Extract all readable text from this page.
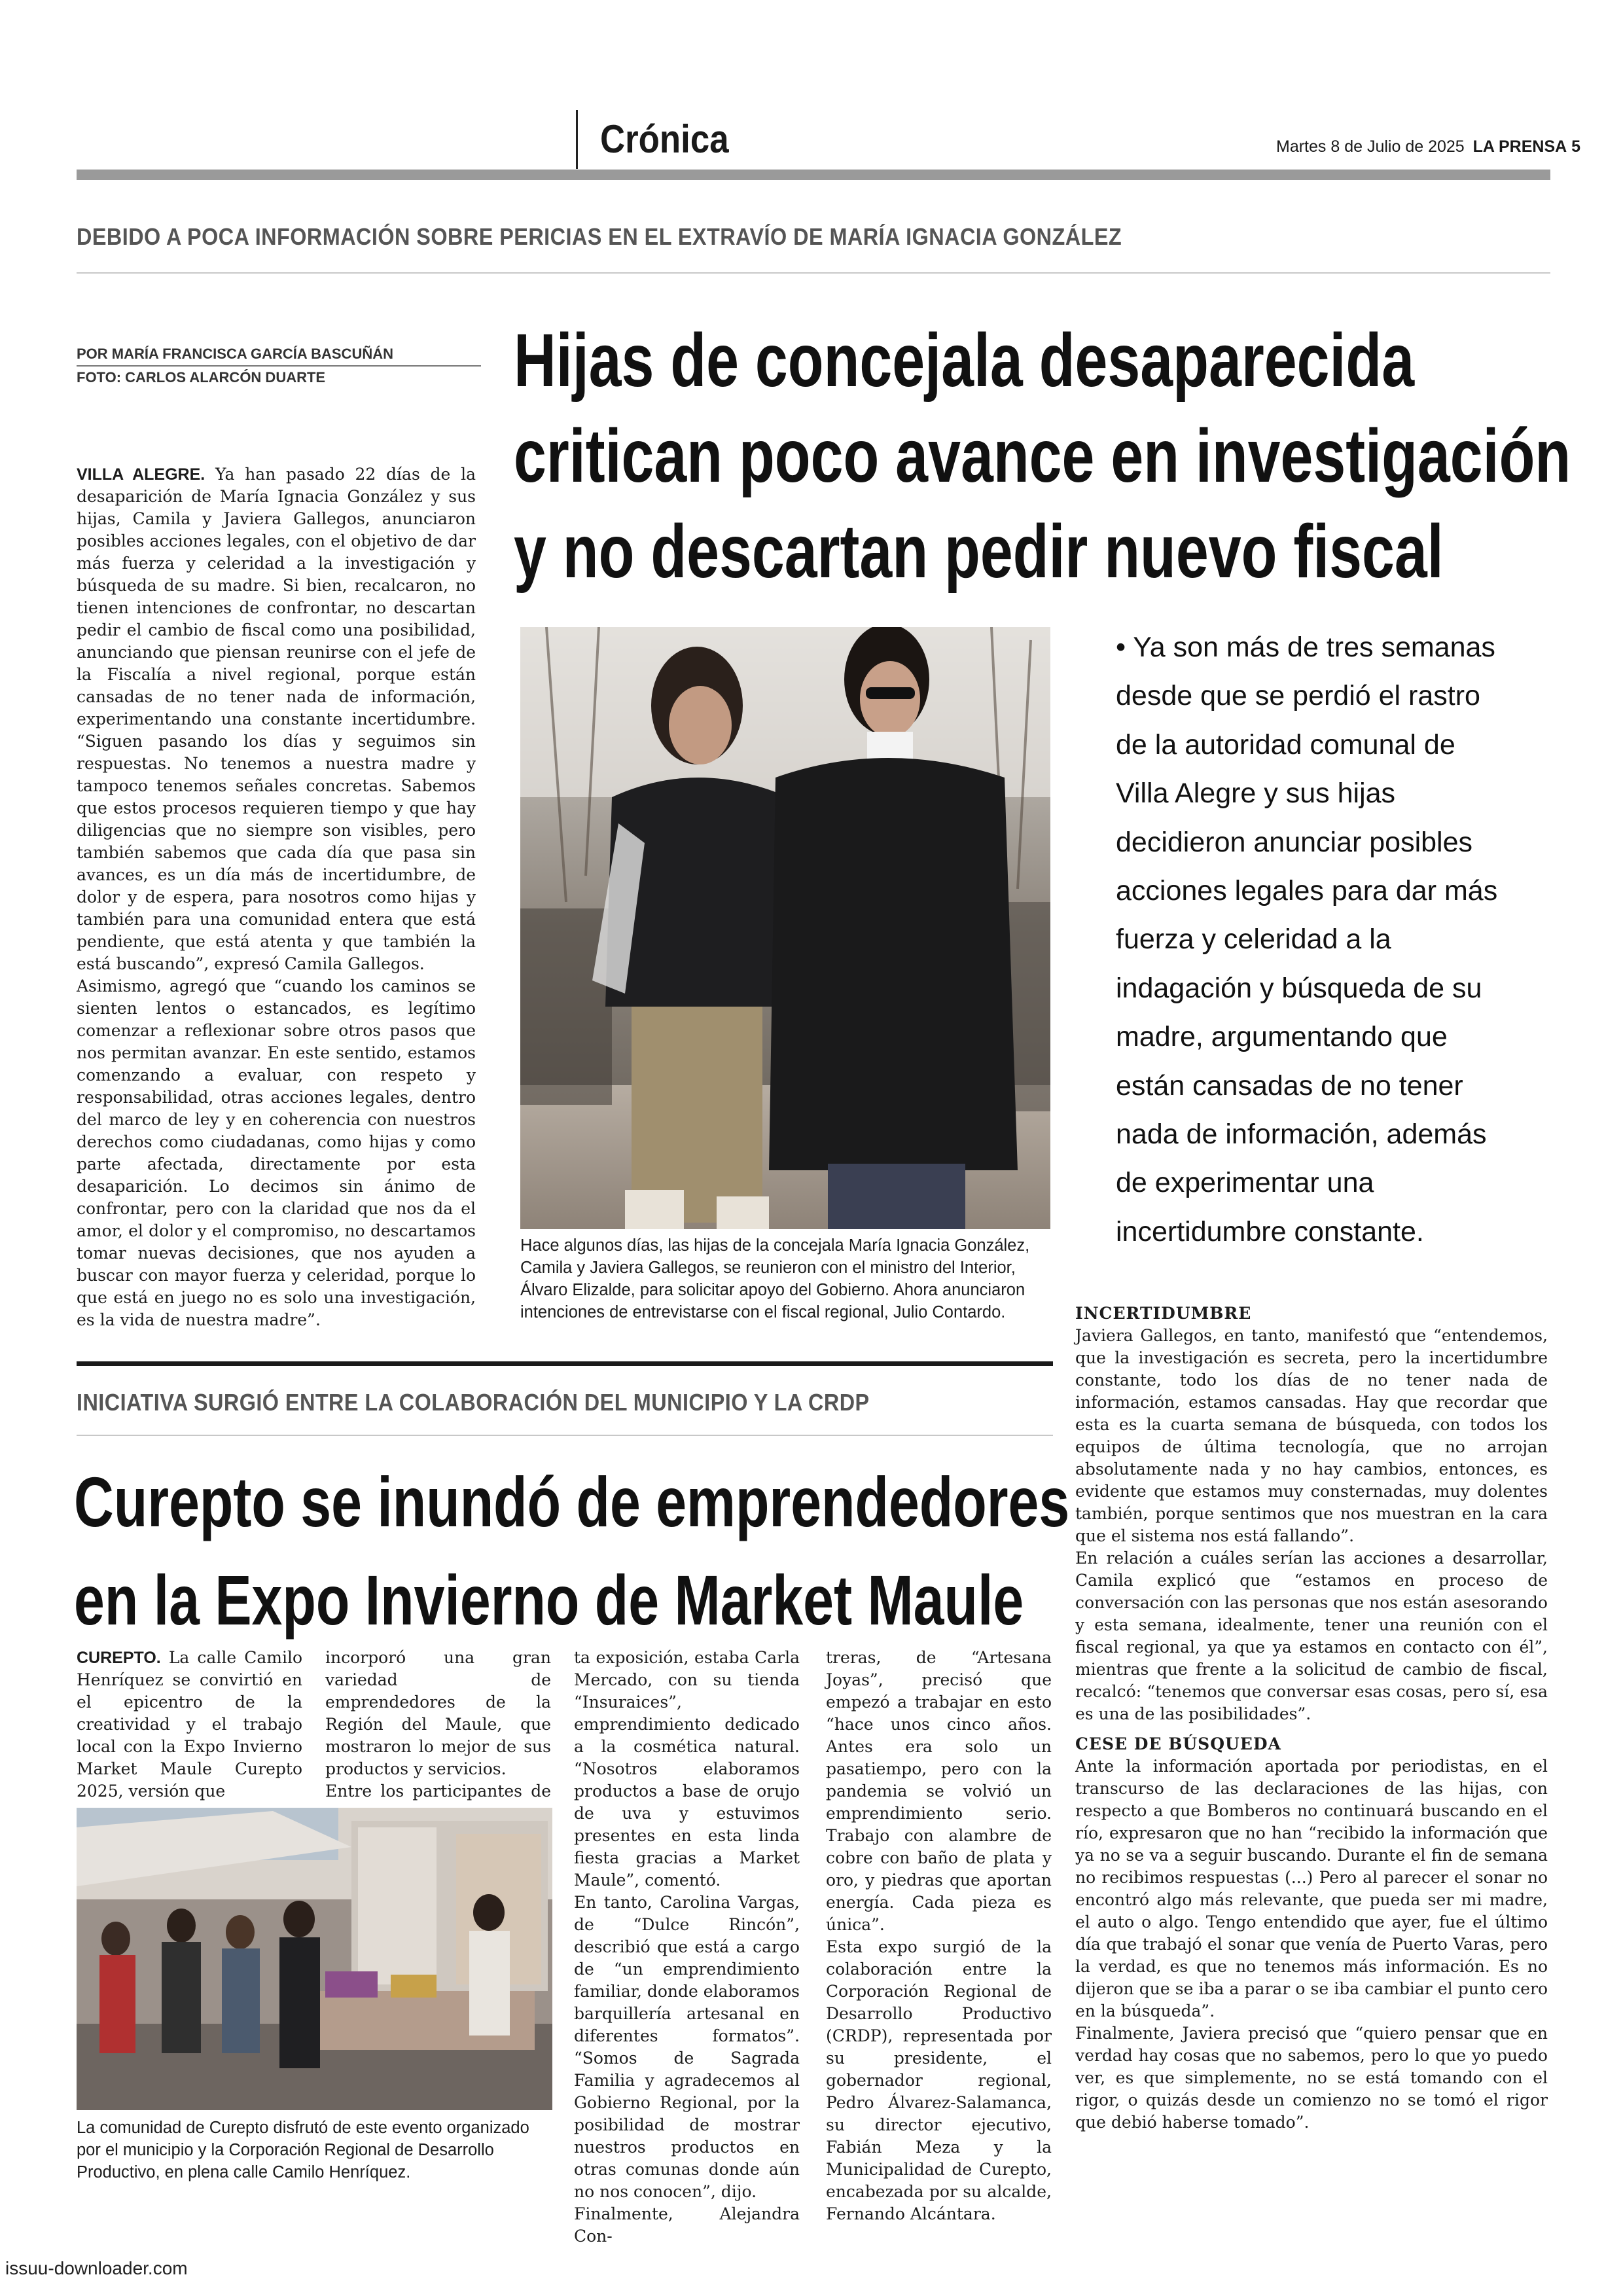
Crónica	Martes 8 de Julio de 2025 LA PRENSA 5
DEBIDO A POCA INFORMACIÓN SOBRE PERICIAS EN EL EXTRAVÍO DE MARÍA IGNACIA GONZÁLEZ
POR MARÍA FRANCISCA GARCÍA BASCUÑÁN
FOTO: CARLOS ALARCÓN DUARTE	Hijas de concejala desaparecida
critican poco avance en investigación
y no descartan pedir nuevo fiscal

VILLA ALEGRE. Ya han pasado 22 días de la desaparición de María Ignacia González y sus hijas, Camila y Javiera Gallegos, anunciaron posibles acciones legales, con el objetivo de dar más fuerza y celeridad a la investigación y búsqueda de su madre. Si bien, recalcaron, no tienen intenciones de confrontar, no descartan pedir el cambio de fiscal como una posibilidad, anunciando que piensan reunirse con el jefe de la Fiscalía a nivel regional, porque están cansadas de no tener nada de información, experimentando una constante incertidumbre. “Siguen pasando los días y seguimos sin respuestas. No tenemos a nuestra madre y tampoco tenemos señales concretas. Sabemos que estos procesos requieren tiempo y que hay diligencias que no siempre son visibles, pero también sabemos que cada día que pasa sin avances, es un día más de incertidumbre, de dolor y de espera, para nosotros como hijas y también para una comunidad entera que está pendiente, que está atenta y que también la está buscando”, expresó Camila Gallegos.

Asimismo, agregó que “cuando los caminos se sienten lentos o estancados, es legítimo comenzar a reflexionar sobre otros pasos que nos permitan avanzar. En este sentido, estamos comenzando a evaluar, con respeto y responsabilidad, otras acciones legales, dentro del marco de ley y en coherencia con nuestros derechos como ciudadanas, como hijas y como parte afectada, directamente por esta desaparición. Lo decimos sin ánimo de confrontar, pero con la claridad que nos da el amor, el dolor y el compromiso, no descartamos tomar nuevas decisiones, que nos ayuden a buscar con mayor fuerza y celeridad, porque lo que está en juego no es solo una investigación, es la vida de nuestra madre”.

Hace algunos días, las hijas de la concejala María Ignacia González, Camila y Javiera Gallegos, se reunieron con el ministro del Interior, Álvaro Elizalde, para solicitar apoyo del Gobierno. Ahora anunciaron intenciones de entrevistarse con el fiscal regional, Julio Contardo.
• Ya son más de tres semanas
desde que se perdió el rastro
de la autoridad comunal de
Villa Alegre y sus hijas
decidieron anunciar posibles
acciones legales para dar más
fuerza y celeridad a la
indagación y búsqueda de su
madre, argumentando que
están cansadas de no tener
nada de información, además
de experimentar una
incertidumbre constante.
INCERTIDUMBRE

Javiera Gallegos, en tanto, manifestó que “entendemos, que la investigación es secreta, pero la incertidumbre constante, todo los días de no tener nada de información, estamos cansadas. Hay que recordar que esta es la cuarta semana de búsqueda, con todos los equipos de última tecnología, que no arrojan absolutamente nada y no hay cambios, entonces, es evidente que estamos muy consternadas, muy dolentes también, porque sentimos que nos muestran en la cara que el sistema nos está fallando”.

En relación a cuáles serían las acciones a desarrollar, Camila explicó que “estamos en proceso de conversación con las personas que nos están asesorando y esta semana, idealmente, tener una reunión con el fiscal regional, ya que ya estamos en contacto con él”, mientras que frente a la solicitud de cambio de fiscal, recalcó: “tenemos que conversar esas cosas, pero sí, esa es una de las posibilidades”.

CESE DE BÚSQUEDA

Ante la información aportada por periodistas, en el transcurso de las declaraciones de las hijas, con respecto a que Bomberos no continuará buscando en el río, expresaron que no han “recibido la información que ya no se va a seguir buscando. Durante el fin de semana no recibimos respuestas (...) Pero al parecer el sonar no encontró algo más relevante, que pueda ser mi madre, el auto o algo. Tengo entendido que ayer, fue el último día que trabajó el sonar que venía de Puerto Varas, pero la verdad, es que no tenemos más información. Es no dijeron que se iba a parar o se iba cambiar el punto cero en la búsqueda”.

Finalmente, Javiera precisó que “quiero pensar que en verdad hay cosas que no sabemos, pero lo que yo puedo ver, es que simplemente, no se está tomando con el rigor, o quizás desde un comienzo no se tomó el rigor que debió haberse tomado”.

INICIATIVA SURGIÓ ENTRE LA COLABORACIÓN DEL MUNICIPIO Y LA CRDP
Curepto se inundó de emprendedores
en la Expo Invierno de Market Maule

CUREPTO. La calle Camilo Henríquez se convirtió en el epicentro de la creatividad y el trabajo local con la Expo Invierno Market Maule Curepto 2025, versión que

incorporó una gran variedad de emprendedores de la Región del Maule, que mostraron lo mejor de sus productos y servicios.

Entre los participantes de

ta exposición, estaba Carla Mercado, con su tienda “Insuraices”, emprendimiento dedicado a la cosmética natural. “Nosotros elaboramos productos a base de orujo de uva y estuvimos presentes en esta linda fiesta gracias a Market Maule”, comentó.

En tanto, Carolina Vargas, de “Dulce Rincón”, describió que está a cargo de “un emprendimiento familiar, donde elaboramos barquillería artesanal en diferentes formatos”. “Somos de Sagrada Familia y agradecemos al Gobierno Regional, por la posibilidad de mostrar nuestros productos en otras comunas donde aún no nos conocen”, dijo.

Finalmente, Alejandra Con-

treras, de “Artesana Joyas”, precisó que empezó a trabajar en esto “hace unos cinco años. Antes era solo un pasatiempo, pero con la pandemia se volvió un emprendimiento serio. Trabajo con alambre de cobre con baño de plata y oro, y piedras que aportan energía. Cada pieza es única”.

Esta expo surgió de la colaboración entre la Corporación Regional de Desarrollo Productivo (CRDP), representada por su presidente, el gobernador regional, Pedro Álvarez-Salamanca, su director ejecutivo, Fabián Meza y la Municipalidad de Curepto, encabezada por su alcalde, Fernando Alcántara.

La comunidad de Curepto disfrutó de este evento organizado por el municipio y la Corporación Regional de Desarrollo Productivo, en plena calle Camilo Henríquez.
issuu-downloader.com
